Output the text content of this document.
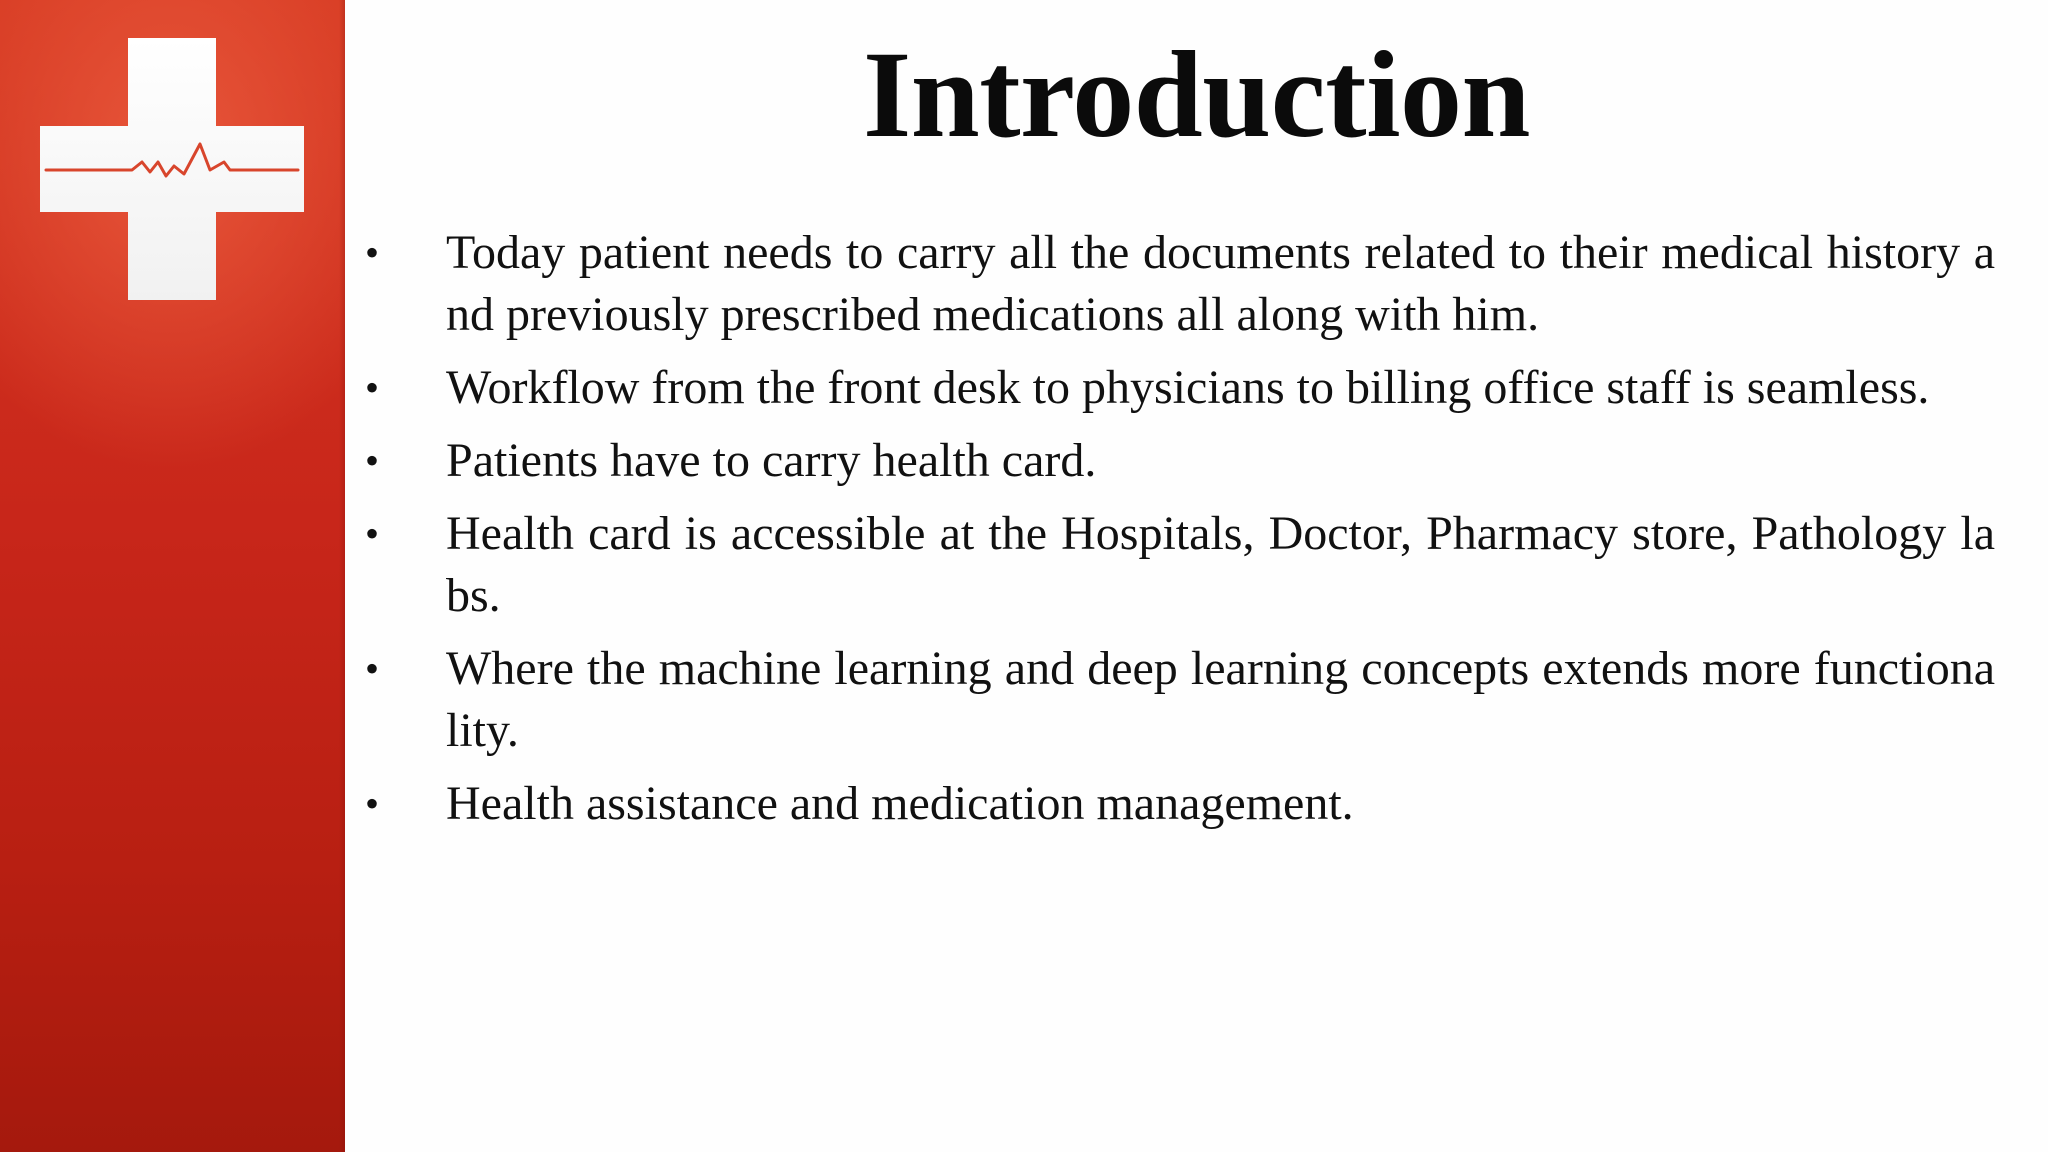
Introduction
•	Today patient needs to carry all the documents related to their medical history and previously prescribed medications all along with him.
•	Workflow from the front desk to physicians to billing office staff is seamless.
•	Patients have to carry health card.
•	Health card is accessible at the Hospitals, Doctor, Pharmacy store, Pathology labs.
•	Where the machine learning and deep learning concepts extends more functionality.
•	Health assistance and medication management.
